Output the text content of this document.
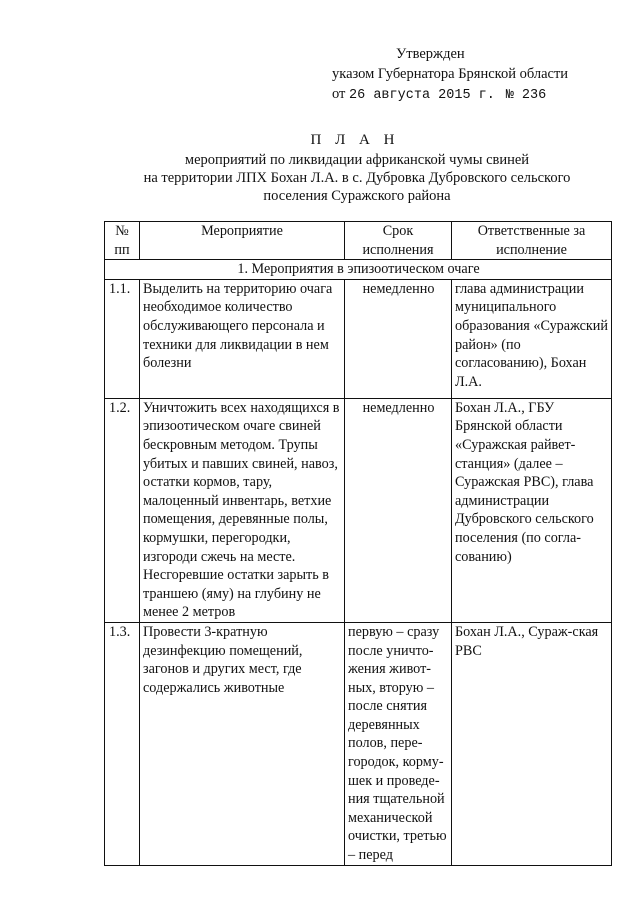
Утвержден
указом Губернатора Брянской области
от 26 августа 2015 г. № 236
П Л А Н
мероприятий по ликвидации африканской чумы свиней
на территории ЛПХ Бохан Л.А. в с. Дубровка Дубровского сельского
поселения Суражского района
№ пп	Мероприятие	Срок исполнения	Ответственные за исполнение
1. Мероприятия в эпизоотическом очаге			
1.1.	Выделить на территорию очага необходимое количество обслуживающего персонала и техники для ликвидации в нем болезни	немедленно	глава администрации муниципального образования «Суражский район» (по согласованию), Бохан Л.А.
1.2.	Уничтожить всех находящихся в эпизоотическом очаге свиней бескровным методом. Трупы убитых и павших свиней, навоз, остатки кормов, тару, малоценный инвентарь, ветхие помещения, деревянные полы, кормушки, перегородки, изгороди сжечь на месте. Несгоревшие остатки зарыть в траншею (яму) на глубину не менее 2 метров	немедленно	Бохан Л.А., ГБУ Брянской области «Суражская райвет-станция» (далее – Суражская РВС), глава администрации Дубровского сельского поселения (по согла-сованию)
1.3.	Провести 3-кратную дезинфекцию помещений, загонов и других мест, где содержались животные	первую – сразу после уничто-жения живот-ных, вторую – после снятия деревянных полов, пере-городок, корму-шек и проведе-ния тщательной механической очистки, третью – перед	Бохан Л.А., Сураж-ская РВС
